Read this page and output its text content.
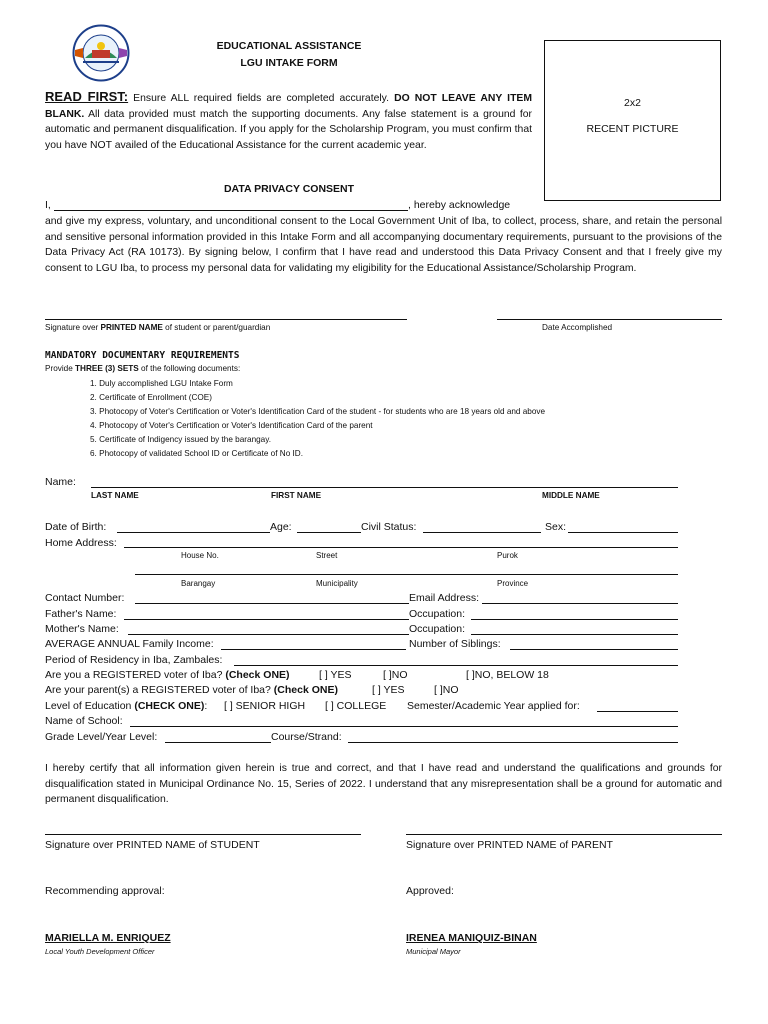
EDUCATIONAL ASSISTANCE
LGU INTAKE FORM
2x2
RECENT PICTURE
READ FIRST: Ensure ALL required fields are completed accurately. DO NOT LEAVE ANY ITEM BLANK. All data provided must match the supporting documents. Any false statement is a ground for automatic and permanent disqualification. If you apply for the Scholarship Program, you must confirm that you have NOT availed of the Educational Assistance for the current academic year.
DATA PRIVACY CONSENT
I,	, hereby acknowledge
and give my express, voluntary, and unconditional consent to the Local Government Unit of Iba, to collect, process, share, and retain the personal and sensitive personal information provided in this Intake Form and all accompanying documentary requirements, pursuant to the provisions of the Data Privacy Act (RA 10173). By signing below, I confirm that I have read and understood this Data Privacy Consent and that I freely give my consent to LGU Iba, to process my personal data for validating my eligibility for the Educational Assistance/Scholarship Program.
Signature over PRINTED NAME of student or parent/guardian	Date Accomplished
MANDATORY DOCUMENTARY REQUIREMENTS
Provide THREE (3) SETS of the following documents:
1. Duly accomplished LGU Intake Form
2. Certificate of Enrollment (COE)
3. Photocopy of Voter's Certification or Voter's Identification Card of the student - for students who are 18 years old and above
4. Photocopy of Voter's Certification or Voter's Identification Card of the parent
5. Certificate of Indigency issued by the barangay.
6. Photocopy of validated School ID or Certificate of No ID.
Name:
LAST NAME	FIRST NAME	MIDDLE NAME
Date of Birth:	Age:	Civil Status:	Sex:
Home Address:
House No.	Street	Purok
Barangay	Municipality	Province
Contact Number:	Email Address:
Father's Name:	Occupation:
Mother's Name:	Occupation:
AVERAGE ANNUAL Family Income:	Number of Siblings:
Period of Residency in Iba, Zambales:
Are you a REGISTERED voter of Iba? (Check ONE)	[ ] YES	[ ]NO	[ ]NO, BELOW 18
Are your parent(s) a REGISTERED voter of Iba? (Check ONE)	[ ] YES	[ ]NO
Level of Education (CHECK ONE): [ ] SENIOR HIGH [ ] COLLEGE Semester/Academic Year applied for:
Name of School:
Grade Level/Year Level:	Course/Strand:
I hereby certify that all information given herein is true and correct, and that I have read and understand the qualifications and grounds for disqualification stated in Municipal Ordinance No. 15, Series of 2022. I understand that any misrepresentation shall be a ground for automatic and permanent disqualification.
Signature over PRINTED NAME of STUDENT	Signature over PRINTED NAME of PARENT
Recommending approval:	Approved:
MARIELLA M. ENRIQUEZ
Local Youth Development Officer
IRENEA MANIQUIZ-BINAN
Municipal Mayor
